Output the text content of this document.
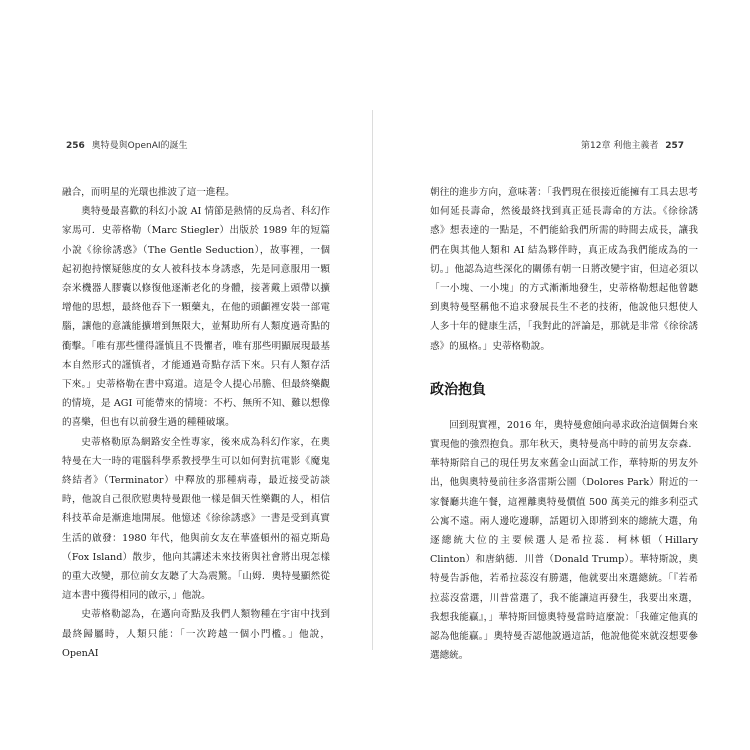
256 奧特曼與OpenAI的誕生

融合，而明星的光環也推波了這一進程。

奧特曼最喜歡的科幻小說 AI 情節是熱情的反烏者、科幻作家馬可．史蒂格勒（Marc Stiegler）出版於 1989 年的短篇小說《徐徐誘惑》（The Gentle Seduction），故事裡，一個起初抱持懷疑態度的女人被科技本身誘惑，先是同意服用一顆奈米機器人膠囊以修復他逐漸老化的身體，接著戴上頭帶以擴增他的思想，最終他吞下一顆藥丸，在他的頭顱裡安裝一部電腦，讓他的意識能擴增到無限大，並幫助所有人類度過奇點的衝擊。「唯有那些懂得謹慎且不畏懼者，唯有那些明顯展現最基本自然形式的謹慎者，才能通過奇點存活下來。只有人類存活下來。」史蒂格勒在書中寫道。這是令人提心吊膽、但最終樂觀的情境，是 AGI 可能帶來的情境：不朽、無所不知、難以想像的喜樂，但也有以前發生過的種種破壞。

史蒂格勒原為網路安全性專家，後來成為科幻作家，在奧特曼在大一時的電腦科學系教授學生可以如何對抗電影《魔鬼終結者》（Terminator）中釋放的那種病毒，最近接受訪談時，他說自己很欣慰奧特曼跟他一樣是個天性樂觀的人，相信科技革命是漸進地開展。他憶述《徐徐誘惑》一書是受到真實生活的啟發：1980 年代，他與前女友在華盛頓州的福克斯島（Fox Island）散步，他向其講述未來技術與社會將出現怎樣的重大改變，那位前女友聽了大為震驚。「山姆．奧特曼顯然從這本書中獲得相同的啟示，」他說。

史蒂格勒認為，在邁向奇點及我們人類物種在宇宙中找到最終歸屬時，人類只能：「一次跨越一個小門檻。」他說，OpenAI

第12章 利他主義者 257

朝往的進步方向，意味著：「我們現在很接近能擁有工具去思考如何延長壽命，然後最終找到真正延長壽命的方法。《徐徐誘惑》想表達的一點是，不們能給我們所需的時間去成長，讓我們在與其他人類和 AI 結為夥伴時，真正成為我們能成為的一切。」他認為這些深化的關係有朝一日將改變宇宙，但這必須以「一小塊、一小塊」的方式漸漸地發生，史蒂格勒想起他曾聽到奧特曼堅稱他不追求發展長生不老的技術，他說他只想使人人多十年的健康生活，「我對此的評論是，那就是非常《徐徐誘惑》的風格。」史蒂格勒說。

政治抱負

回到現實裡，2016 年，奧特曼愈傾向尋求政治這個舞台來實現他的強烈抱負。那年秋天，奧特曼高中時的前男友奈森．華特斯陪自己的現任男友來舊金山面試工作，華特斯的男友外出，他與奧特曼前往多洛雷斯公園（Dolores Park）附近的一家餐廳共進午餐，這裡離奧特曼價值 500 萬美元的維多利亞式公寓不遠。兩人邊吃邊聊，話題切入即將到來的總統大選，角逐總統大位的主要候選人是希拉蕊．柯林頓（Hillary Clinton）和唐納德．川普（Donald Trump）。華特斯說，奧特曼告訴他，若希拉蕊沒有勝選，他就要出來選總統。「『若希拉蕊沒當選，川普當選了，我不能讓這再發生，我要出來選，我想我能贏』，」華特斯回憶奧特曼當時這麼說：「我確定他真的認為他能贏。」奧特曼否認他說過這話，他說他從來就沒想要參選總統。
